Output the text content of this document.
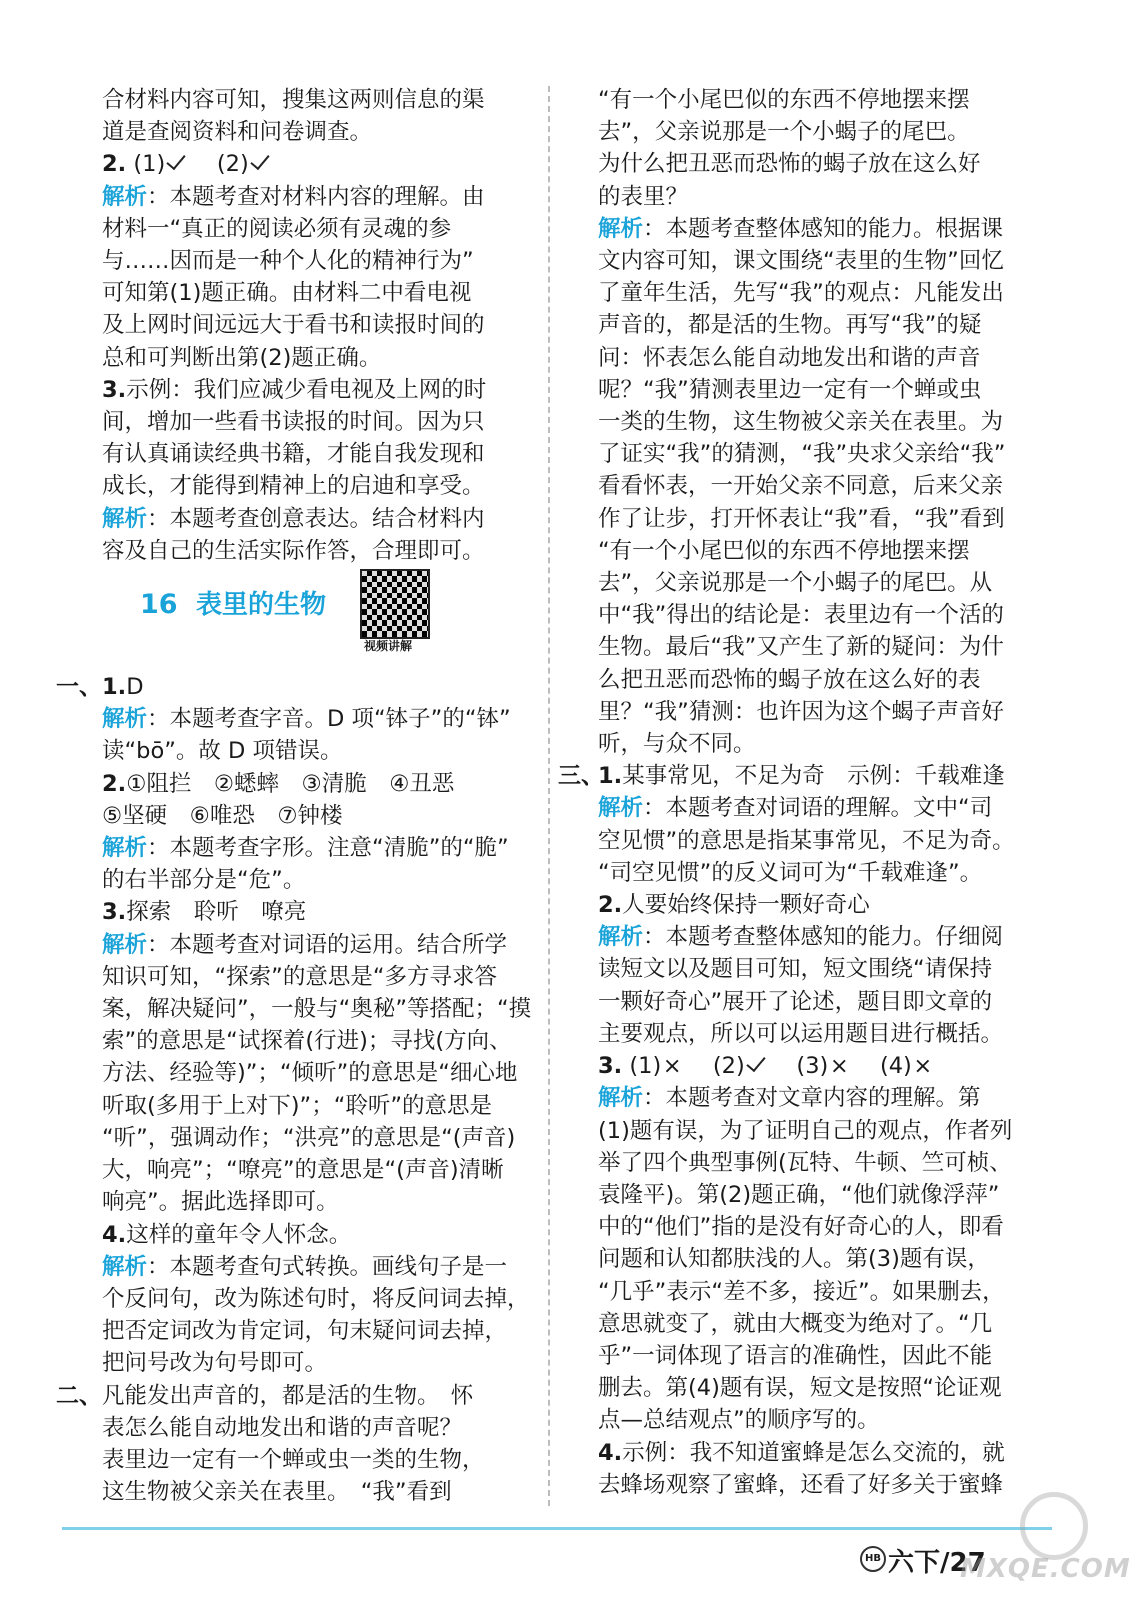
合材料内容可知，搜集这两则信息的渠
道是查阅资料和问卷调查。
2. (1) 　 (2)
解析：本题考查对材料内容的理解。由
材料一“真正的阅读必须有灵魂的参
与……因而是一种个人化的精神行为”
可知第(1)题正确。由材料二中看电视
及上网时间远远大于看书和读报时间的
总和可判断出第(2)题正确。
3.示例：我们应减少看电视及上网的时
间，增加一些看书读报的时间。因为只
有认真诵读经典书籍，才能自我发现和
成长，才能得到精神上的启迪和享受。
解析：本题考查创意表达。结合材料内
容及自己的生活实际作答，合理即可。
16 表里的生物
视频讲解
一、 1.D
解析：本题考查字音。D 项“钵子”的“钵”
读“bō”。故 D 项错误。
2.①阻拦　②蟋蟀　③清脆　④丑恶
⑤坚硬　⑥唯恐　⑦钟楼
解析：本题考查字形。注意“清脆”的“脆”
的右半部分是“危”。
3.探索　聆听　嘹亮
解析：本题考查对词语的运用。结合所学
知识可知，“探索”的意思是“多方寻求答
案，解决疑问”，一般与“奥秘”等搭配；“摸
索”的意思是“试探着(行进)；寻找(方向、
方法、经验等)”；“倾听”的意思是“细心地
听取(多用于上对下)”；“聆听”的意思是
“听”，强调动作；“洪亮”的意思是“(声音)
大，响亮”；“嘹亮”的意思是“(声音)清晰
响亮”。据此选择即可。
4.这样的童年令人怀念。
解析：本题考查句式转换。画线句子是一
个反问句，改为陈述句时，将反问词去掉，
把否定词改为肯定词，句末疑问词去掉，
把问号改为句号即可。
二、 凡能发出声音的，都是活的生物。　怀
表怎么能自动地发出和谐的声音呢？
表里边一定有一个蝉或虫一类的生物，
这生物被父亲关在表里。　“我”看到
“有一个小尾巴似的东西不停地摆来摆
去”，父亲说那是一个小蝎子的尾巴。
为什么把丑恶而恐怖的蝎子放在这么好
的表里？
解析：本题考查整体感知的能力。根据课
文内容可知，课文围绕“表里的生物”回忆
了童年生活，先写“我”的观点：凡能发出
声音的，都是活的生物。再写“我”的疑
问：怀表怎么能自动地发出和谐的声音
呢？“我”猜测表里边一定有一个蝉或虫
一类的生物，这生物被父亲关在表里。为
了证实“我”的猜测，“我”央求父亲给“我”
看看怀表，一开始父亲不同意，后来父亲
作了让步，打开怀表让“我”看，“我”看到
“有一个小尾巴似的东西不停地摆来摆
去”，父亲说那是一个小蝎子的尾巴。从
中“我”得出的结论是：表里边有一个活的
生物。最后“我”又产生了新的疑问：为什
么把丑恶而恐怖的蝎子放在这么好的表
里？“我”猜测：也许因为这个蝎子声音好
听，与众不同。
三、
1.某事常见，不足为奇　示例：千载难逢
解析：本题考查对词语的理解。文中“司
空见惯”的意思是指某事常见，不足为奇。
“司空见惯”的反义词可为“千载难逢”。
2.人要始终保持一颗好奇心
解析：本题考查整体感知的能力。仔细阅
读短文以及题目可知，短文围绕“请保持
一颗好奇心”展开了论述，题目即文章的
主要观点，所以可以运用题目进行概括。
3. (1)× 　 (2) 　 (3)× 　 (4)×
解析：本题考查对文章内容的理解。第
(1)题有误，为了证明自己的观点，作者列
举了四个典型事例(瓦特、牛顿、竺可桢、
袁隆平)。第(2)题正确，“他们就像浮萍”
中的“他们”指的是没有好奇心的人，即看
问题和认知都肤浅的人。第(3)题有误，
“几乎”表示“差不多，接近”。如果删去，
意思就变了，就由大概变为绝对了。“几
乎”一词体现了语言的准确性，因此不能
删去。第(4)题有误，短文是按照“论证观
点—总结观点”的顺序写的。
4.示例：我不知道蜜蜂是怎么交流的，就
去蜂场观察了蜜蜂，还看了好多关于蜜蜂
HB 六下/27
MXQE.COM
